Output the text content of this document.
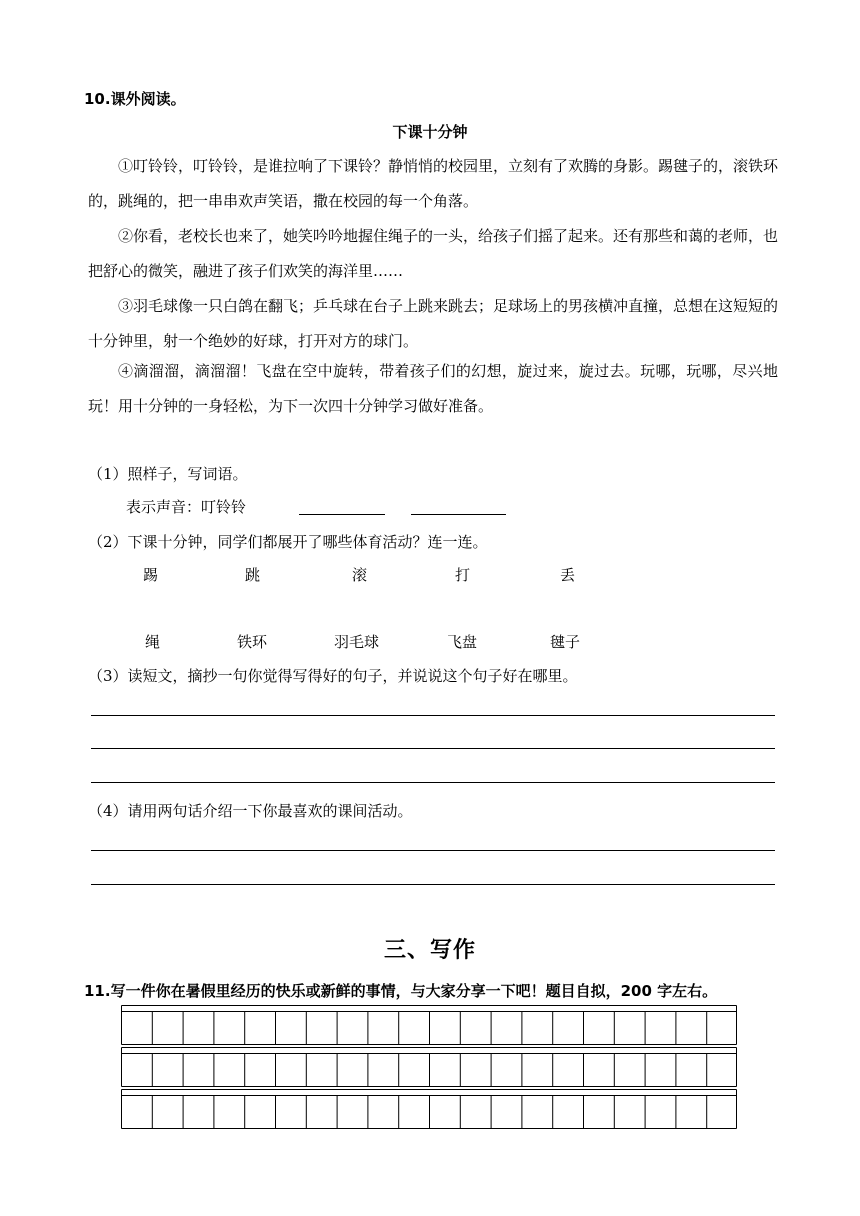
10.课外阅读。
下课十分钟
①叮铃铃，叮铃铃，是谁拉响了下课铃？静悄悄的校园里，立刻有了欢腾的身影。踢毽子的，滚铁环的，跳绳的，把一串串欢声笑语，撒在校园的每一个角落。
②你看，老校长也来了，她笑吟吟地握住绳子的一头，给孩子们摇了起来。还有那些和蔼的老师，也把舒心的微笑，融进了孩子们欢笑的海洋里……
③羽毛球像一只白鸽在翻飞；乒乓球在台子上跳来跳去；足球场上的男孩横冲直撞，总想在这短短的十分钟里，射一个绝妙的好球，打开对方的球门。
④滴溜溜，滴溜溜！飞盘在空中旋转，带着孩子们的幻想，旋过来，旋过去。玩哪，玩哪，尽兴地玩！用十分钟的一身轻松，为下一次四十分钟学习做好准备。
（1）照样子，写词语。
表示声音：叮铃铃
（2）下课十分钟，同学们都展开了哪些体育活动？连一连。
踢	跳	滚	打	丢
绳	铁环	羽毛球	飞盘	毽子
（3）读短文，摘抄一句你觉得写得好的句子，并说说这个句子好在哪里。
（4）请用两句话介绍一下你最喜欢的课间活动。
三、写作
11.写一件你在暑假里经历的快乐或新鲜的事情，与大家分享一下吧！题目自拟，200 字左右。
